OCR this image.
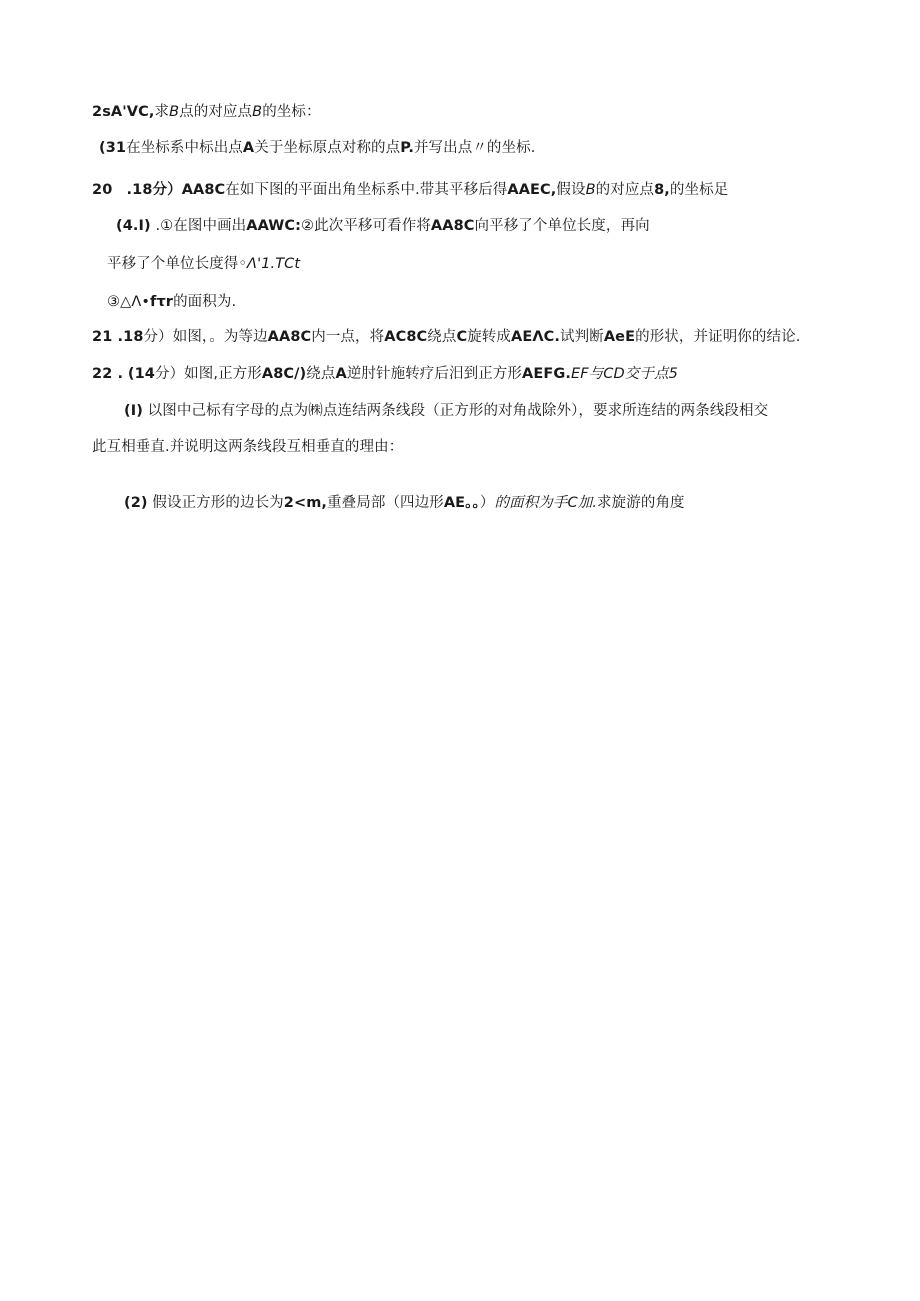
2sA'VC,求B点的对应点B的坐标：
(31在坐标系中标出点A关于坐标原点对称的点P.并写出点〃的坐标.
20 .18分）AA8C在如下图的平面出角坐标系中.带其平移后得AAEC,假设B的对应点8,的坐标足
(4.I) .①在图中画出AAWC:②此次平移可看作将AA8C向平移了个单位长度，再向
平移了个单位长度得◦Λ'1.TCt
③△Λ•fτr的面积为.
21 .18分）如图，。为等边AA8C内一点，将AC8C绕点C旋转成AEΛC.试判断AeE的形状，并证明你的结论.
22 . (14分）如图,正方形A8C/)绕点A逆肘针施转疗后汨到正方形AEFG.EF与CD交于点5
(I) 以图中己标有字母的点为㈱点连结两条线段（正方形的对角战除外），要求所连结的两条线段相交
此互相垂直.并说明这两条线段互相垂直的理由：
(2) 假设正方形的边长为2<m,重叠局部（四边形AE。。）的面积为手C加.求旋游的角度
